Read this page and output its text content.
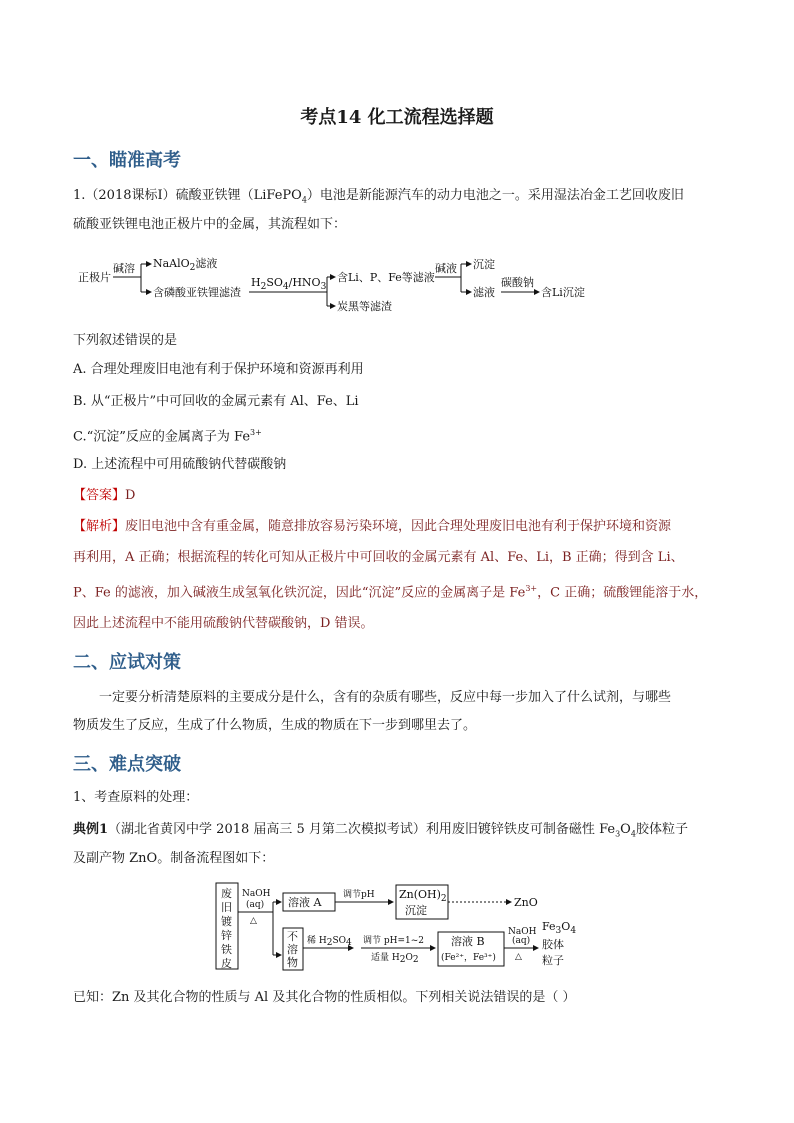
考点14 化工流程选择题
一、瞄准高考
1.（2018课标Ⅰ）硫酸亚铁锂（LiFePO$_4$）电池是新能源汽车的动力电池之一。采用湿法冶金工艺回收废旧
硫酸亚铁锂电池正极片中的金属，其流程如下：
正极片
碱溶 NaAlO$_2$滤液
含磷酸亚铁锂滤渣
$H_2SO_4/HNO_3$
含Li、P、Fe等滤液
炭黑等滤渣
碱液 沉淀
滤液
碳酸钠
含Li沉淀
下列叙述错误的是
A. 合理处理废旧电池有利于保护环境和资源再利用
B. 从“正极片”中可回收的金属元素有 Al、Fe、Li
C.“沉淀”反应的金属离子为 $Fe^{3+}$
D. 上述流程中可用硫酸钠代替碳酸钠
【答案】D
【解析】废旧电池中含有重金属，随意排放容易污染环境，因此合理处理废旧电池有利于保护环境和资源
再利用，A 正确；根据流程的转化可知从正极片中可回收的金属元素有 Al、Fe、Li，B 正确；得到含 Li、
P、Fe 的滤液，加入碱液生成氢氧化铁沉淀，因此“沉淀”反应的金属离子是 $Fe^{3+}$，C 正确；硫酸锂能溶于水，
因此上述流程中不能用硫酸钠代替碳酸钠，D 错误。
二、应试对策
一定要分析清楚原料的主要成分是什么，含有的杂质有哪些，反应中每一步加入了什么试剂，与哪些
物质发生了反应，生成了什么物质，生成的物质在下一步到哪里去了。
三、难点突破
1、考查原料的处理：
典例1（湖北省黄冈中学 2018 届高三 5 月第二次模拟考试）利用废旧镀锌铁皮可制备磁性 $Fe_3O_4$胶体粒子
及副产物 ZnO。制备流程图如下：
废
旧
镀
锌
铁
皮
NaOH
(aq)
△
溶液 A
调节pH $Zn(OH)_2$
沉淀
ZnO
不
溶
物
稀 H2SO4 调节 pH=1~2
适量 H2O2
溶液 B
(Fe²⁺，Fe³⁺)
NaOH
(aq)
△
$Fe_3O_4$
胶体
粒子
已知：Zn 及其化合物的性质与 Al 及其化合物的性质相似。下列相关说法错误的是（ ）
